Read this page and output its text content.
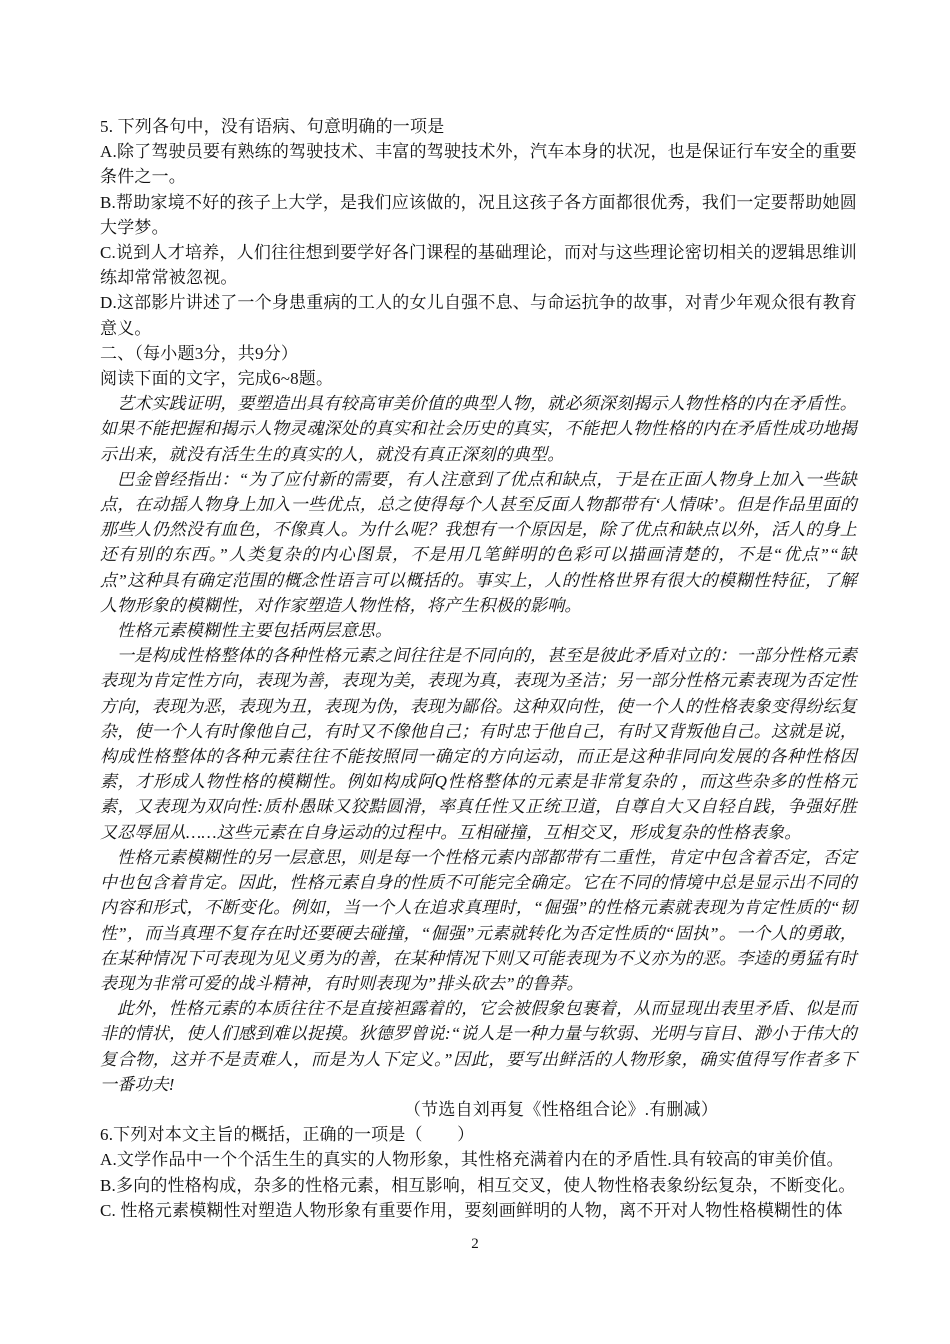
5. 下列各句中，没有语病、句意明确的一项是
A.除了驾驶员要有熟练的驾驶技术、丰富的驾驶技术外，汽车本身的状况，也是保证行车安全的重要条件之一。
B.帮助家境不好的孩子上大学，是我们应该做的，况且这孩子各方面都很优秀，我们一定要帮助她圆大学梦。
C.说到人才培养，人们往往想到要学好各门课程的基础理论，而对与这些理论密切相关的逻辑思维训练却常常被忽视。
D.这部影片讲述了一个身患重病的工人的女儿自强不息、与命运抗争的故事，对青少年观众很有教育意义。
二、（每小题3分，共9分）
阅读下面的文字，完成6~8题。

艺术实践证明，要塑造出具有较高审美价值的典型人物，就必须深刻揭示人物性格的内在矛盾性。如果不能把握和揭示人物灵魂深处的真实和社会历史的真实，不能把人物性格的内在矛盾性成功地揭示出来，就没有活生生的真实的人，就没有真正深刻的典型。

巴金曾经指出：“为了应付新的需要，有人注意到了优点和缺点，于是在正面人物身上加入一些缺点，在动摇人物身上加入一些优点，总之使得每个人甚至反面人物都带有‘人情味’。但是作品里面的那些人仍然没有血色，不像真人。为什么呢？我想有一个原因是，除了优点和缺点以外，活人的身上还有别的东西。”人类复杂的内心图景，不是用几笔鲜明的色彩可以描画清楚的，不是“优点”“缺点”这种具有确定范围的概念性语言可以概括的。事实上，人的性格世界有很大的模糊性特征，了解人物形象的模糊性，对作家塑造人物性格，将产生积极的影响。

性格元素模糊性主要包括两层意思。

一是构成性格整体的各种性格元素之间往往是不同向的，甚至是彼此矛盾对立的：一部分性格元素表现为肯定性方向，表现为善，表现为美，表现为真，表现为圣洁；另一部分性格元素表现为否定性方向，表现为恶，表现为丑，表现为伪，表现为鄙俗。这种双向性，使一个人的性格表象变得纷纭复杂，使一个人有时像他自己，有时又不像他自己；有时忠于他自己，有时又背叛他自己。这就是说，构成性格整体的各种元素往往不能按照同一确定的方向运动，而正是这种非同向发展的各种性格因素，才形成人物性格的模糊性。例如构成阿Q性格整体的元素是非常复杂的 ，而这些杂多的性格元素，又表现为双向性:质朴愚昧又狡黠圆滑，率真任性又正统卫道，自尊自大又自轻自践，争强好胜又忍辱屈从……这些元素在自身运动的过程中。互相碰撞，互相交叉，形成复杂的性格表象。

性格元素模糊性的另一层意思，则是每一个性格元素内部都带有二重性，肯定中包含着否定，否定中也包含着肯定。因此，性格元素自身的性质不可能完全确定。它在不同的情境中总是显示出不同的内容和形式，不断变化。例如，当一个人在追求真理时，“倔强”的性格元素就表现为肯定性质的“韧性”，而当真理不复存在时还要硬去碰撞，“倔强”元素就转化为否定性质的“固执”。一个人的勇敢，在某种情况下可表现为见义勇为的善，在某种情况下则又可能表现为不义亦为的恶。李逵的勇猛有时表现为非常可爱的战斗精神，有时则表现为”排头砍去”的鲁莽。

此外，性格元素的本质往往不是直接袒露着的，它会被假象包裹着，从而显现出表里矛盾、似是而非的情状，使人们感到难以捉摸。狄德罗曾说:“说人是一种力量与软弱、光明与盲目、渺小于伟大的复合物，这并不是责难人，而是为人下定义。”因此，要写出鲜活的人物形象，确实值得写作者多下一番功夫!

（节选自刘再复《性格组合论》.有删减）
6.下列对本文主旨的概括，正确的一项是（　　）
A.文学作品中一个个活生生的真实的人物形象，其性格充满着内在的矛盾性.具有较高的审美价值。
B.多向的性格构成，杂多的性格元素，相互影响，相互交叉，使人物性格表象纷纭复杂，不断变化。
C. 性格元素模糊性对塑造人物形象有重要作用，要刻画鲜明的人物，离不开对人物性格模糊性的体
2
